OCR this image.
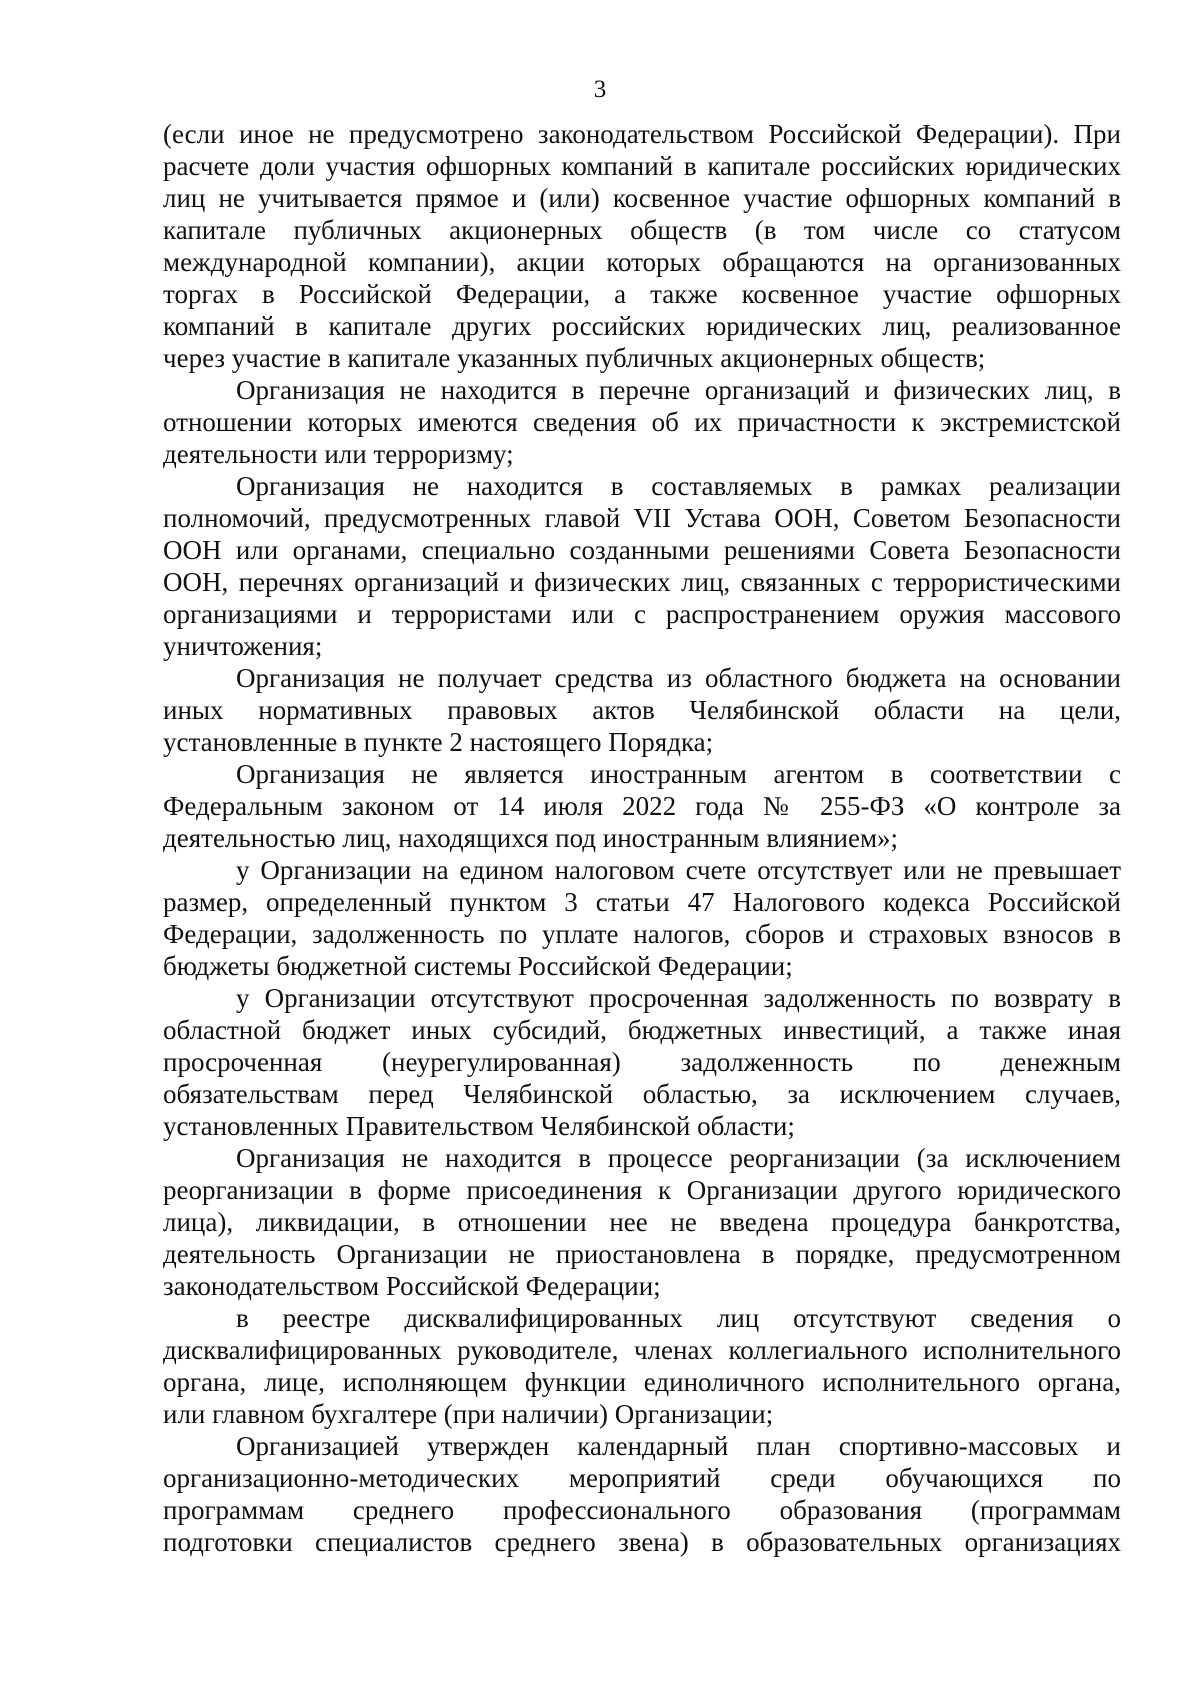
3
(если иное не предусмотрено законодательством Российской Федерации). При
расчете доли участия офшорных компаний в капитале российских юридических
лиц не учитывается прямое и (или) косвенное участие офшорных компаний в
капитале публичных акционерных обществ (в том числе со статусом
международной компании), акции которых обращаются на организованных
торгах в Российской Федерации, а также косвенное участие офшорных
компаний в капитале других российских юридических лиц, реализованное
через участие в капитале указанных публичных акционерных обществ;
Организация не находится в перечне организаций и физических лиц, в
отношении которых имеются сведения об их причастности к экстремистской
деятельности или терроризму;
Организация не находится в составляемых в рамках реализации
полномочий, предусмотренных главой VII Устава ООН, Советом Безопасности
ООН или органами, специально созданными решениями Совета Безопасности
ООН, перечнях организаций и физических лиц, связанных с террористическими
организациями и террористами или с распространением оружия массового
уничтожения;
Организация не получает средства из областного бюджета на основании
иных нормативных правовых актов Челябинской области на цели,
установленные в пункте 2 настоящего Порядка;
Организация не является иностранным агентом в соответствии с
Федеральным законом от 14 июля 2022 года № 255-ФЗ «О контроле за
деятельностью лиц, находящихся под иностранным влиянием»;
у Организации на едином налоговом счете отсутствует или не превышает
размер, определенный пунктом 3 статьи 47 Налогового кодекса Российской
Федерации, задолженность по уплате налогов, сборов и страховых взносов в
бюджеты бюджетной системы Российской Федерации;
у Организации отсутствуют просроченная задолженность по возврату в
областной бюджет иных субсидий, бюджетных инвестиций, а также иная
просроченная (неурегулированная) задолженность по денежным
обязательствам перед Челябинской областью, за исключением случаев,
установленных Правительством Челябинской области;
Организация не находится в процессе реорганизации (за исключением
реорганизации в форме присоединения к Организации другого юридического
лица), ликвидации, в отношении нее не введена процедура банкротства,
деятельность Организации не приостановлена в порядке, предусмотренном
законодательством Российской Федерации;
в реестре дисквалифицированных лиц отсутствуют сведения о
дисквалифицированных руководителе, членах коллегиального исполнительного
органа, лице, исполняющем функции единоличного исполнительного органа,
или главном бухгалтере (при наличии) Организации;
Организацией утвержден календарный план спортивно-массовых и
организационно-методических мероприятий среди обучающихся по
программам среднего профессионального образования (программам
подготовки специалистов среднего звена) в образовательных организациях
